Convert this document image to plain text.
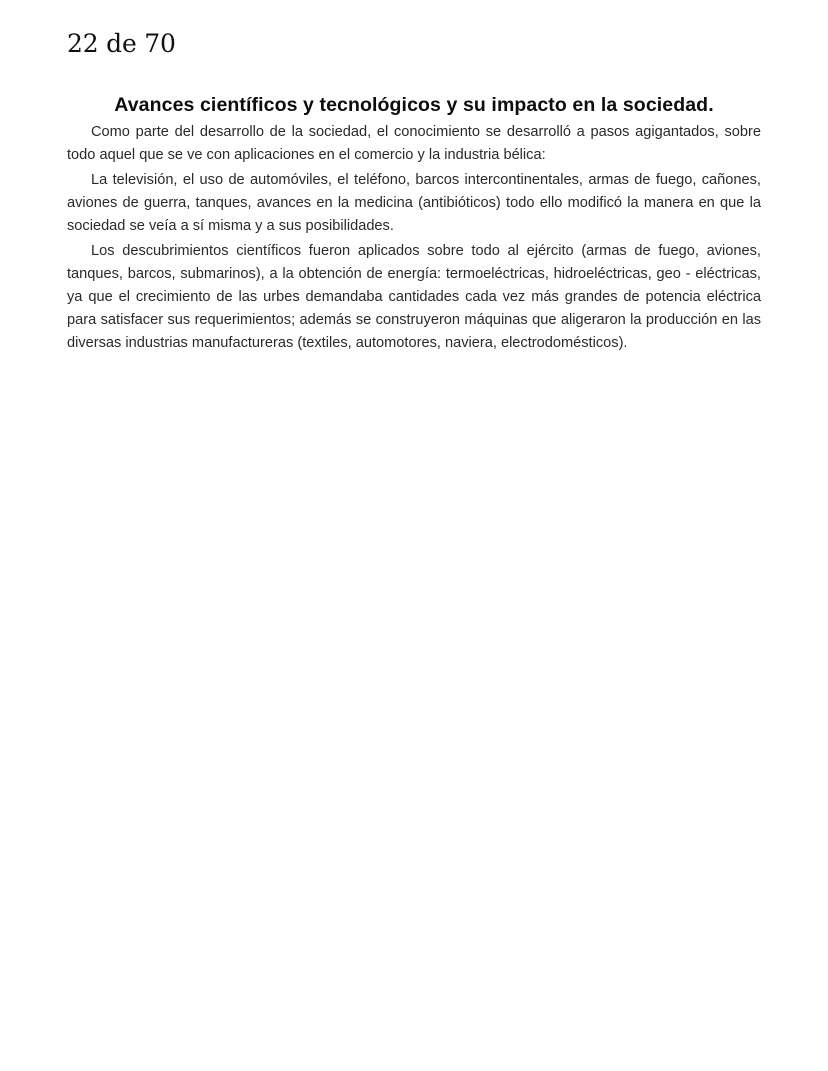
22 de 70
Avances científicos y tecnológicos y su impacto en la sociedad.

Como parte del desarrollo de la sociedad, el conocimiento se desarrolló a pasos agigantados, sobre todo aquel que se ve con aplicaciones en el comercio y la industria bélica:

La televisión, el uso de automóviles, el teléfono, barcos intercontinentales, armas de fuego, cañones, aviones de guerra, tanques, avances en la medicina (antibióticos) todo ello modificó la manera en que la sociedad se veía a sí misma y a sus posibilidades.

Los descubrimientos científicos fueron aplicados sobre todo al ejército (armas de fuego, aviones, tanques, barcos, submarinos), a la obtención de energía: termoeléctricas, hidroeléctricas, geo - eléctricas, ya que el crecimiento de las urbes demandaba cantidades cada vez más grandes de potencia eléctrica para satisfacer sus requerimientos; además se construyeron máquinas que aligeraron la producción en las diversas industrias manufactureras (textiles, automotores, naviera, electrodomésticos).
